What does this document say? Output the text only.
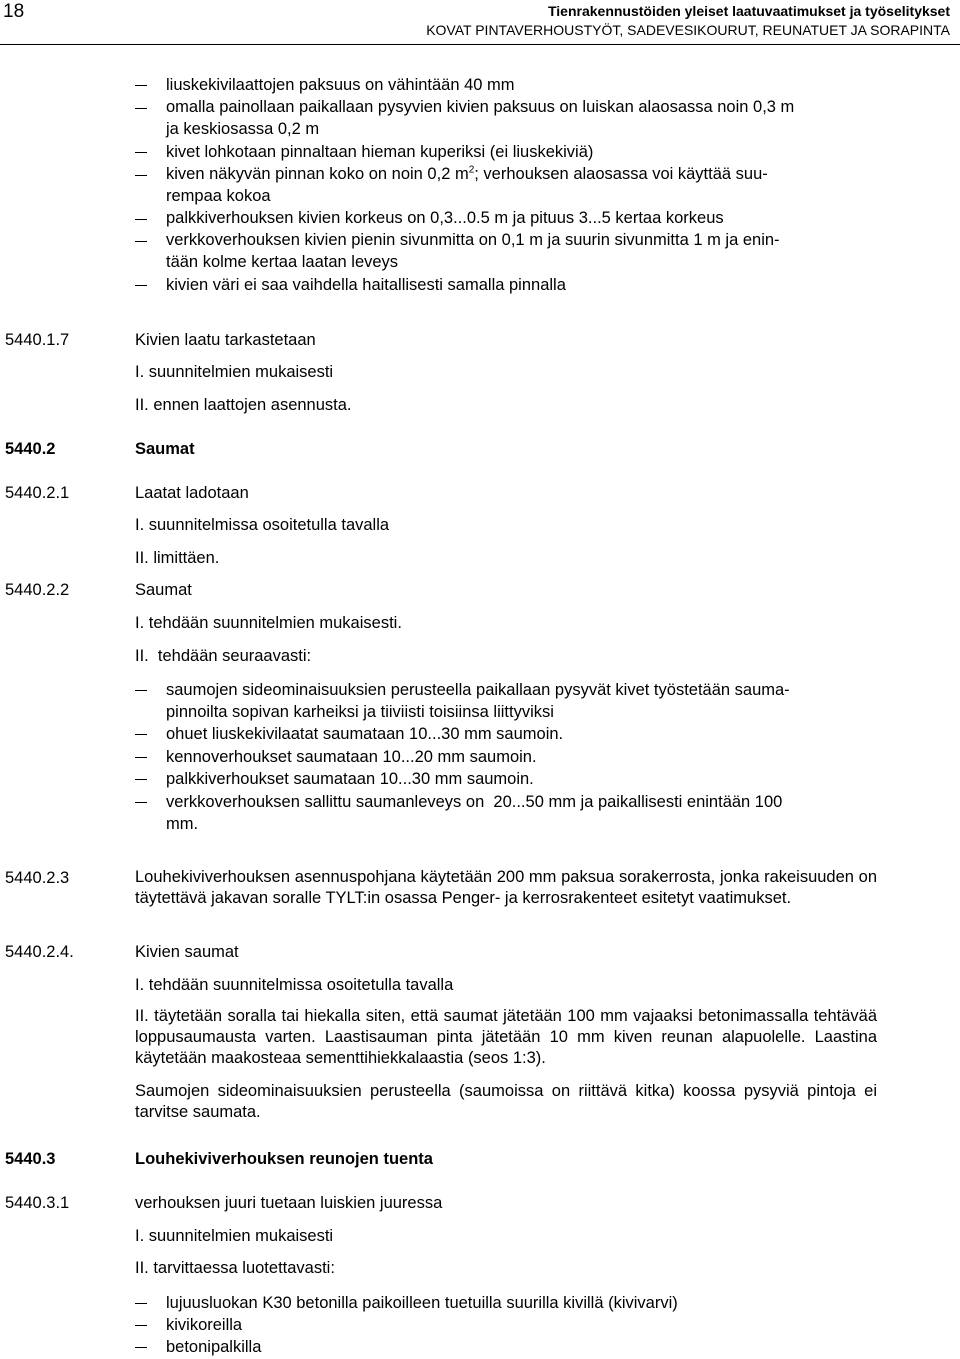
18	Tienrakennustöiden yleiset laatuvaatimukset ja työselitykset
KOVAT PINTAVERHOUSTYÖT, SADEVESIKOURUT, REUNATUET JA SORAPINTA
liuskekivilaattojen paksuus on vähintään 40 mm
omalla painollaan paikallaan pysyvien kivien paksuus on luiskan alaosassa noin 0,3 m
ja keskiosassa 0,2 m
kivet lohkotaan pinnaltaan hieman kuperiksi (ei liuskekiviä)
kiven näkyvän pinnan koko on noin 0,2 $m^2$; verhouksen alaosassa voi käyttää suu-
rempaa kokoa
palkkiverhouksen kivien korkeus on 0,3...0.5 m ja pituus 3...5 kertaa korkeus
verkkoverhouksen kivien pienin sivunmitta on 0,1 m ja suurin sivunmitta 1 m ja enin-
tään kolme kertaa laatan leveys
kivien väri ei saa vaihdella haitallisesti samalla pinnalla
5440.1.7	Kivien laatu tarkastetaan
I. suunnitelmien mukaisesti
II. ennen laattojen asennusta.
5440.2	Saumat
5440.2.1	Laatat ladotaan
I. suunnitelmissa osoitetulla tavalla
II. limittäen.
5440.2.2	Saumat
I. tehdään suunnitelmien mukaisesti.
II.  tehdään seuraavasti:
saumojen sideominaisuuksien perusteella paikallaan pysyvät kivet työstetään sauma-
pinnoilta sopivan karheiksi ja tiiviisti toisiinsa liittyviksi
ohuet liuskekivilaatat saumataan 10...30 mm saumoin.
kennoverhoukset saumataan 10...20 mm saumoin.
palkkiverhoukset saumataan 10...30 mm saumoin.
verkkoverhouksen sallittu saumanleveys on  20...50 mm ja paikallisesti enintään 100
mm.
5440.2.3	Louhekiviverhouksen asennuspohjana käytetään 200 mm paksua sorakerrosta, jonka rakeisuuden on täytettävä jakavan soralle TYLT:in osassa Penger- ja kerrosrakenteet esitetyt vaatimukset.
5440.2.4.	Kivien saumat
I. tehdään suunnitelmissa osoitetulla tavalla
II. täytetään soralla tai hiekalla siten, että saumat jätetään 100 mm vajaaksi betonimassalla tehtävää loppusaumausta varten. Laastisauman pinta jätetään 10 mm kiven reunan alapuolelle. Laastina käytetään maakosteaa sementtihiekkalaastia (seos 1:3).
Saumojen sideominaisuuksien perusteella (saumoissa on riittävä kitka) koossa pysyviä pintoja ei tarvitse saumata.
5440.3	Louhekiviverhouksen reunojen tuenta
5440.3.1	verhouksen juuri tuetaan luiskien juuressa
I. suunnitelmien mukaisesti
II. tarvittaessa luotettavasti:
lujuusluokan K30 betonilla paikoilleen tuetuilla suurilla kivillä (kivivarvi)
kivikoreilla
betonipalkilla
